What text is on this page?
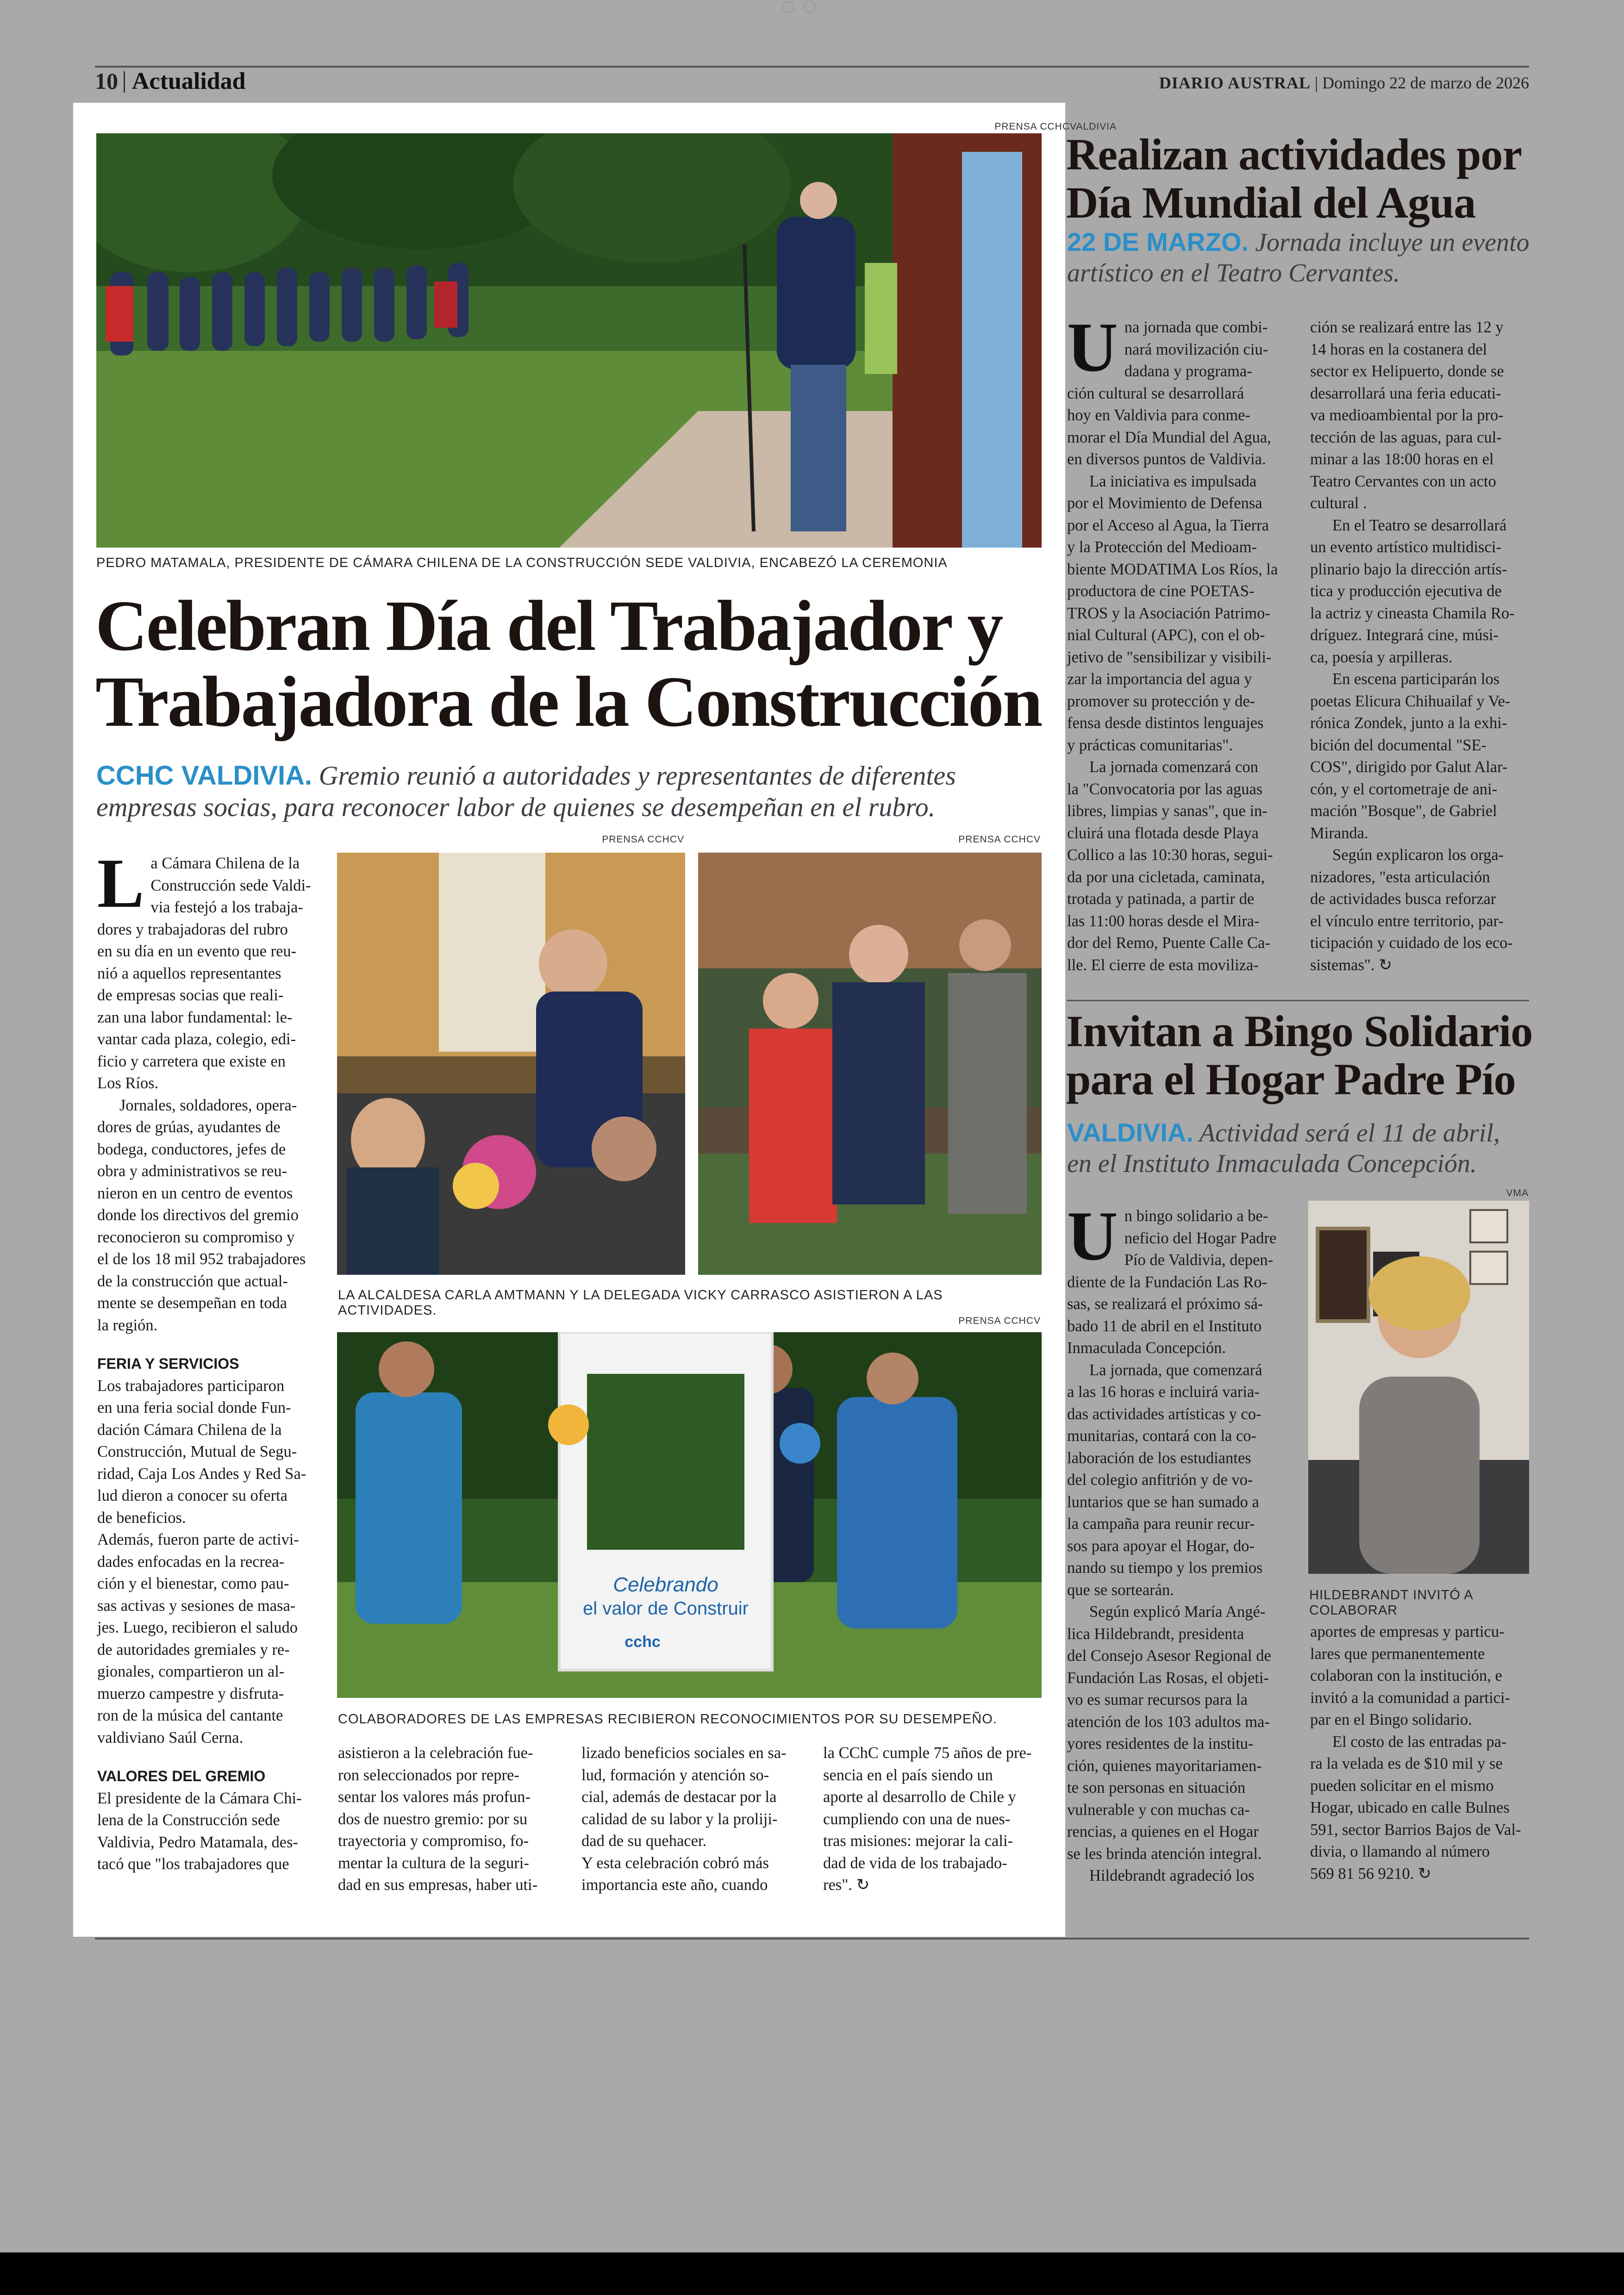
10 Actualidad	DIARIO AUSTRAL | Domingo 22 de marzo de 2026
PRENSA CCHCVALDIVIA
PEDRO MATAMALA, PRESIDENTE DE CÁMARA CHILENA DE LA CONSTRUCCIÓN SEDE VALDIVIA, ENCABEZÓ LA CEREMONIA
Celebran Día del Trabajador y
Trabajadora de la Construcción
CCHC VALDIVIA. Gremio reunió a autoridades y representantes de diferentes
empresas socias, para reconocer labor de quienes se desempeñan en el rubro.
L a Cámara Chilena de la

Construcción sede Valdi-

via festejó a los trabaja-

dores y trabajadoras del rubro

en su día en un evento que reu-

nió a aquellos representantes

de empresas socias que reali-

zan una labor fundamental: le-

vantar cada plaza, colegio, edi-

ficio y carretera que existe en

Los Ríos.

Jornales, soldadores, opera-

dores de grúas, ayudantes de

bodega, conductores, jefes de

obra y administrativos se reu-

nieron en un centro de eventos

donde los directivos del gremio

reconocieron su compromiso y

el de los 18 mil 952 trabajadores

de la construcción que actual-

mente se desempeñan en toda

la región.

FERIA Y SERVICIOS

Los trabajadores participaron

en una feria social donde Fun-

dación Cámara Chilena de la

Construcción, Mutual de Segu-

ridad, Caja Los Andes y Red Sa-

lud dieron a conocer su oferta

de beneficios.

Además, fueron parte de activi-

dades enfocadas en la recrea-

ción y el bienestar, como pau-

sas activas y sesiones de masa-

jes. Luego, recibieron el saludo

de autoridades gremiales y re-

gionales, compartieron un al-

muerzo campestre y disfruta-

ron de la música del cantante

valdiviano Saúl Cerna.

VALORES DEL GREMIO

El presidente de la Cámara Chi-

lena de la Construcción sede

Valdivia, Pedro Matamala, des-

tacó que "los trabajadores que

PRENSA CCHCV	PRENSA CCHCV
LA ALCALDESA CARLA AMTMANN Y LA DELEGADA VICKY CARRASCO ASISTIERON A LAS ACTIVIDADES.
PRENSA CCHCV
Celebrando
el valor de Construir
cchc
COLABORADORES DE LAS EMPRESAS RECIBIERON RECONOCIMIENTOS POR SU DESEMPEÑO.

asistieron a la celebración fue-

ron seleccionados por repre-

sentar los valores más profun-

dos de nuestro gremio: por su

trayectoria y compromiso, fo-

mentar la cultura de la seguri-

dad en sus empresas, haber uti-

lizado beneficios sociales en sa-

lud, formación y atención so-

cial, además de destacar por la

calidad de su labor y la proliji-

dad de su quehacer.

Y esta celebración cobró más

importancia este año, cuando

la CChC cumple 75 años de pre-

sencia en el país siendo un

aporte al desarrollo de Chile y

cumpliendo con una de nues-

tras misiones: mejorar la cali-

dad de vida de los trabajado-

res". ↻

Realizan actividades por
Día Mundial del Agua
22 DE MARZO. Jornada incluye un evento
artístico en el Teatro Cervantes.
U na jornada que combi-

nará movilización ciu-

dadana y programa-

ción cultural se desarrollará

hoy en Valdivia para conme-

morar el Día Mundial del Agua,

en diversos puntos de Valdivia.

La iniciativa es impulsada

por el Movimiento de Defensa

por el Acceso al Agua, la Tierra

y la Protección del Medioam-

biente MODATIMA Los Ríos, la

productora de cine POETAS-

TROS y la Asociación Patrimo-

nial Cultural (APC), con el ob-

jetivo de "sensibilizar y visibili-

zar la importancia del agua y

promover su protección y de-

fensa desde distintos lenguajes

y prácticas comunitarias".

La jornada comenzará con

la "Convocatoria por las aguas

libres, limpias y sanas", que in-

cluirá una flotada desde Playa

Collico a las 10:30 horas, segui-

da por una cicletada, caminata,

trotada y patinada, a partir de

las 11:00 horas desde el Mira-

dor del Remo, Puente Calle Ca-

lle. El cierre de esta moviliza-

ción se realizará entre las 12 y

14 horas en la costanera del

sector ex Helipuerto, donde se

desarrollará una feria educati-

va medioambiental por la pro-

tección de las aguas, para cul-

minar a las 18:00 horas en el

Teatro Cervantes con un acto

cultural .

En el Teatro se desarrollará

un evento artístico multidisci-

plinario bajo la dirección artís-

tica y producción ejecutiva de

la actriz y cineasta Chamila Ro-

dríguez. Integrará cine, músi-

ca, poesía y arpilleras.

En escena participarán los

poetas Elicura Chihuailaf y Ve-

rónica Zondek, junto a la exhi-

bición del documental "SE-

COS", dirigido por Galut Alar-

cón, y el cortometraje de ani-

mación "Bosque", de Gabriel

Miranda.

Según explicaron los orga-

nizadores, "esta articulación

de actividades busca reforzar

el vínculo entre territorio, par-

ticipación y cuidado de los eco-

sistemas". ↻

Invitan a Bingo Solidario
para el Hogar Padre Pío
VALDIVIA. Actividad será el 11 de abril,
en el Instituto Inmaculada Concepción.
VMA
HILDEBRANDT INVITÓ A COLABORAR
U n bingo solidario a be-

neficio del Hogar Padre

Pío de Valdivia, depen-

diente de la Fundación Las Ro-

sas, se realizará el próximo sá-

bado 11 de abril en el Instituto

Inmaculada Concepción.

La jornada, que comenzará

a las 16 horas e incluirá varia-

das actividades artísticas y co-

munitarias, contará con la co-

laboración de los estudiantes

del colegio anfitrión y de vo-

luntarios que se han sumado a

la campaña para reunir recur-

sos para apoyar el Hogar, do-

nando su tiempo y los premios

que se sortearán.

Según explicó María Angé-

lica Hildebrandt, presidenta

del Consejo Asesor Regional de

Fundación Las Rosas, el objeti-

vo es sumar recursos para la

atención de los 103 adultos ma-

yores residentes de la institu-

ción, quienes mayoritariamen-

te son personas en situación

vulnerable y con muchas ca-

rencias, a quienes en el Hogar

se les brinda atención integral.

Hildebrandt agradeció los

aportes de empresas y particu-

lares que permanentemente

colaboran con la institución, e

invitó a la comunidad a partici-

par en el Bingo solidario.

El costo de las entradas pa-

ra la velada es de $10 mil y se

pueden solicitar en el mismo

Hogar, ubicado en calle Bulnes

591, sector Barrios Bajos de Val-

divia, o llamando al número

569 81 56 9210. ↻
